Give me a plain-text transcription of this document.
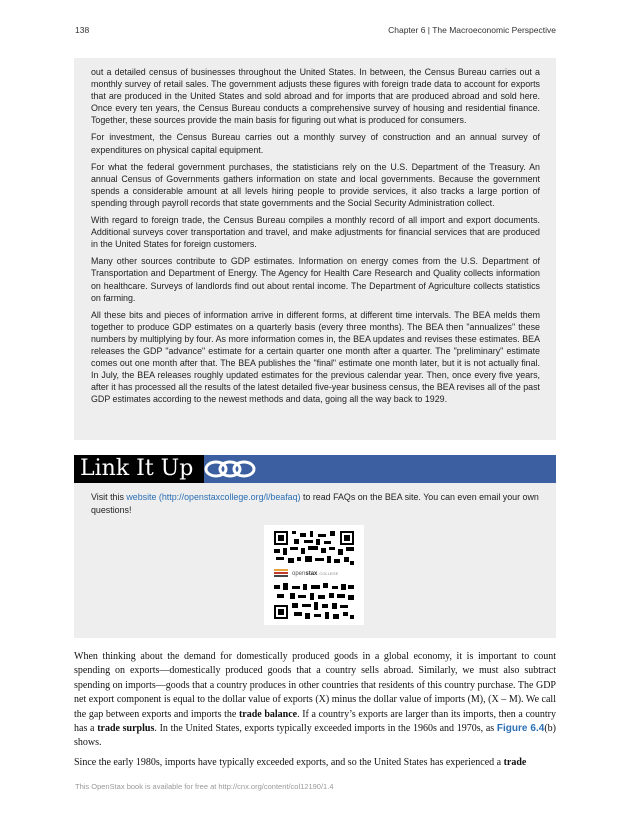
138	Chapter 6 | The Macroeconomic Perspective

out a detailed census of businesses throughout the United States. In between, the Census Bureau carries out a monthly survey of retail sales. The government adjusts these figures with foreign trade data to account for exports that are produced in the United States and sold abroad and for imports that are produced abroad and sold here. Once every ten years, the Census Bureau conducts a comprehensive survey of housing and residential finance. Together, these sources provide the main basis for figuring out what is produced for consumers.

For investment, the Census Bureau carries out a monthly survey of construction and an annual survey of expenditures on physical capital equipment.

For what the federal government purchases, the statisticians rely on the U.S. Department of the Treasury. An annual Census of Governments gathers information on state and local governments. Because the government spends a considerable amount at all levels hiring people to provide services, it also tracks a large portion of spending through payroll records that state governments and the Social Security Administration collect.

With regard to foreign trade, the Census Bureau compiles a monthly record of all import and export documents. Additional surveys cover transportation and travel, and make adjustments for financial services that are produced in the United States for foreign customers.

Many other sources contribute to GDP estimates. Information on energy comes from the U.S. Department of Transportation and Department of Energy. The Agency for Health Care Research and Quality collects information on healthcare. Surveys of landlords find out about rental income. The Department of Agriculture collects statistics on farming.

All these bits and pieces of information arrive in different forms, at different time intervals. The BEA melds them together to produce GDP estimates on a quarterly basis (every three months). The BEA then "annualizes" these numbers by multiplying by four. As more information comes in, the BEA updates and revises these estimates. BEA releases the GDP "advance" estimate for a certain quarter one month after a quarter. The "preliminary" estimate comes out one month after that. The BEA publishes the "final" estimate one month later, but it is not actually final. In July, the BEA releases roughly updated estimates for the previous calendar year. Then, once every five years, after it has processed all the results of the latest detailed five-year business census, the BEA revises all of the past GDP estimates according to the newest methods and data, going all the way back to 1929.

Link It Up

Visit this website (http://openstaxcollege.org/l/beafaq) to read FAQs on the BEA site. You can even email your own questions!

openstax COLLEGE

When thinking about the demand for domestically produced goods in a global economy, it is important to count spending on exports—domestically produced goods that a country sells abroad. Similarly, we must also subtract spending on imports—goods that a country produces in other countries that residents of this country purchase. The GDP net export component is equal to the dollar value of exports (X) minus the dollar value of imports (M), (X – M). We call the gap between exports and imports the trade balance. If a country’s exports are larger than its imports, then a country has a trade surplus. In the United States, exports typically exceeded imports in the 1960s and 1970s, as Figure 6.4(b) shows.

Since the early 1980s, imports have typically exceeded exports, and so the United States has experienced a trade

This OpenStax book is available for free at http://cnx.org/content/col12190/1.4
